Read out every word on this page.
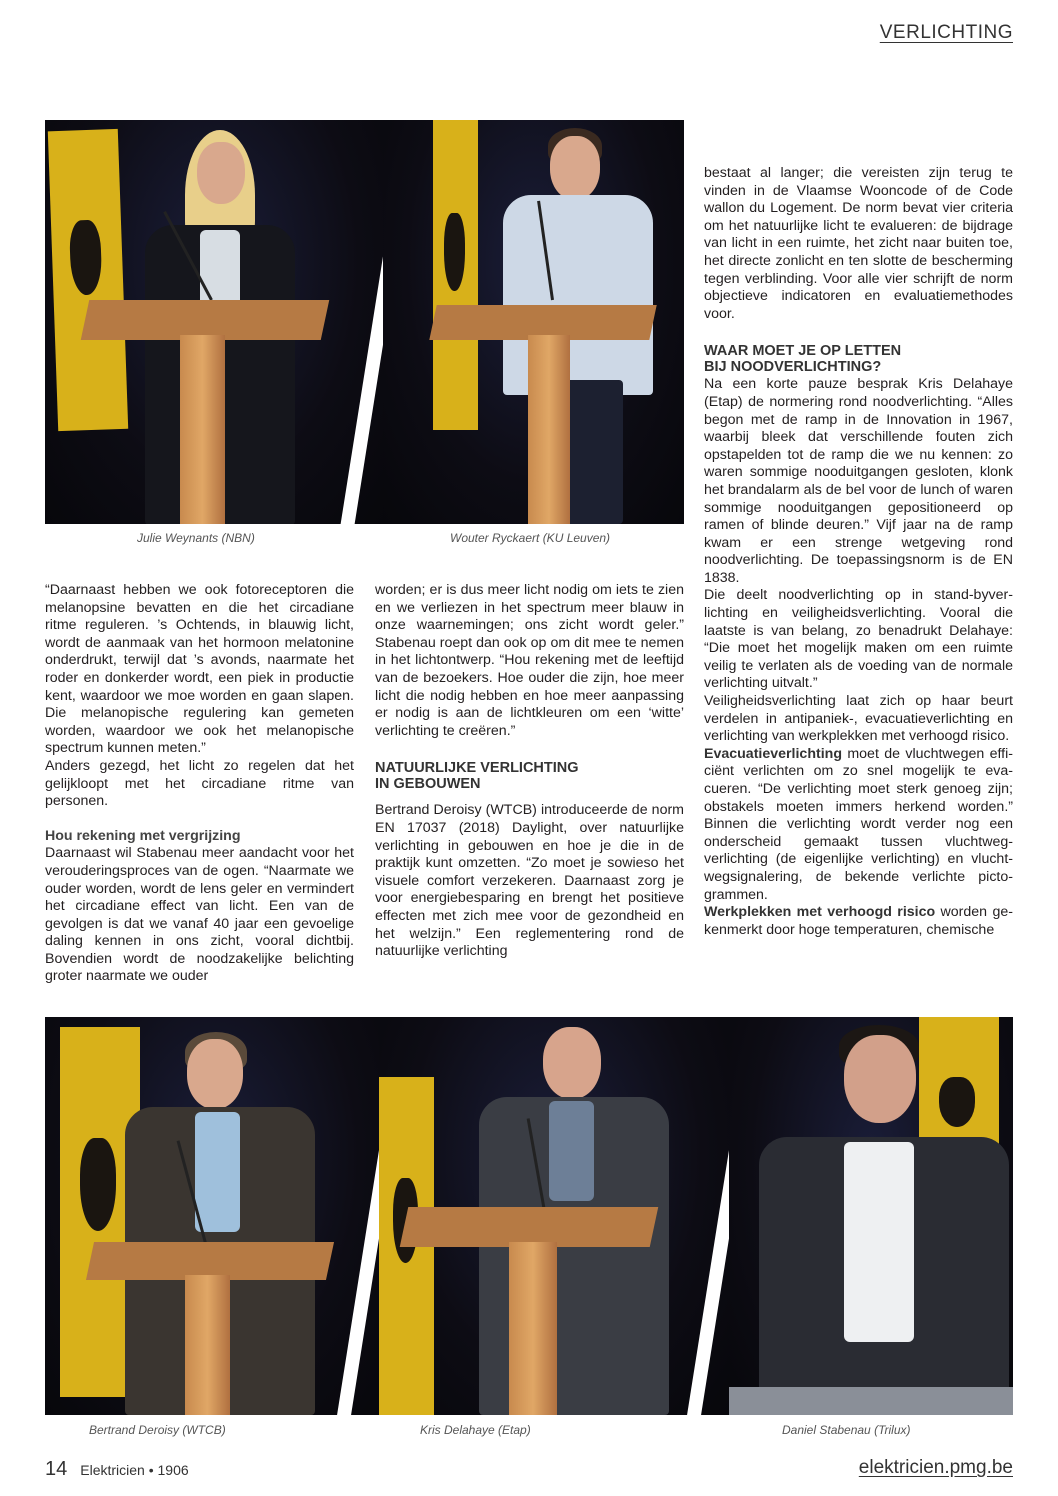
VERLICHTING
Julie Weynants (NBN)	Wouter Ryckaert (KU Leuven)

bestaat al langer; die vereisten zijn terug te vinden in de Vlaamse Wooncode of de Code wallon du Logement. De norm bevat vier criteria om het natuurlijke licht te evalueren: de bijdrage van licht in een ruimte, het zicht naar buiten toe, het directe zonlicht en ten slotte de bescherming tegen verblinding. Voor alle vier schrijft de norm objectieve indicatoren en evaluatiemethodes voor.

WAAR MOET JE OP LETTEN
BIJ NOODVERLICHTING?

Na een korte pauze besprak Kris Delahaye (Etap) de normering rond noodverlichting. “Alles begon met de ramp in de Innovation in 1967, waarbij bleek dat verschillende fouten zich opstapelden tot de ramp die we nu kennen: zo waren sommige nooduitgangen gesloten, klonk het brandalarm als de bel voor de lunch of waren sommige nooduitgangen gepositioneerd op ramen of blinde deuren.” Vijf jaar na de ramp kwam er een strenge wetgeving rond noodverlichting. De toepassingsnorm is de EN 1838.

Die deelt noodverlichting op in stand-byverlichting en veiligheidsverlichting. Vooral die laatste is van belang, zo benadrukt Delahaye: “Die moet het mogelijk maken om een ruimte veilig te verlaten als de voeding van de normale verlichting uitvalt.”

Veiligheidsverlichting laat zich op haar beurt verdelen in antipaniek-, evacuatieverlichting en verlichting van werkplekken met verhoogd risico.

Evacuatieverlichting moet de vluchtwegen efficiënt verlichten om zo snel mogelijk te evacueren. “De verlichting moet sterk genoeg zijn; obstakels moeten immers herkend worden.” Binnen die verlichting wordt verder nog een onderscheid gemaakt tussen vluchtwegverlichting (de eigenlijke verlichting) en vluchtwegsignalering, de bekende verlichte pictogrammen.

Werkplekken met verhoogd risico worden gekenmerkt door hoge temperaturen, chemische

“Daarnaast hebben we ook fotoreceptoren die melanopsine bevatten en die het circadiane ritme reguleren. ’s Ochtends, in blauwig licht, wordt de aanmaak van het hormoon melatonine onderdrukt, terwijl dat ’s avonds, naarmate het roder en donkerder wordt, een piek in productie kent, waardoor we moe worden en gaan slapen. Die melanopische regulering kan gemeten worden, waardoor we ook het melanopische spectrum kunnen meten.”

Anders gezegd, het licht zo regelen dat het gelijkloopt met het circadiane ritme van personen.

Hou rekening met vergrijzing

Daarnaast wil Stabenau meer aandacht voor het verouderingsproces van de ogen. “Naarmate we ouder worden, wordt de lens geler en vermindert het circadiane effect van licht. Een van de gevolgen is dat we vanaf 40 jaar een gevoelige daling kennen in ons zicht, vooral dichtbij. Bovendien wordt de noodzakelijke belichting groter naarmate we ouder

worden; er is dus meer licht nodig om iets te zien en we verliezen in het spectrum meer blauw in onze waarnemingen; ons zicht wordt geler.” Stabenau roept dan ook op om dit mee te nemen in het lichtontwerp. “Hou rekening met de leeftijd van de bezoekers. Hoe ouder die zijn, hoe meer licht die nodig hebben en hoe meer aanpassing er nodig is aan de lichtkleuren om een ‘witte’ verlichting te creëren.”

NATUURLIJKE VERLICHTING
IN GEBOUWEN

Bertrand Deroisy (WTCB) introduceerde de norm EN 17037 (2018) Daylight, over natuurlijke verlichting in gebouwen en hoe je die in de praktijk kunt omzetten. “Zo moet je sowieso het visuele comfort verzekeren. Daarnaast zorg je voor energiebesparing en brengt het positieve effecten met zich mee voor de gezondheid en het welzijn.” Een reglementering rond de natuurlijke verlichting

Bertrand Deroisy (WTCB)	Kris Delahaye (Etap)	Daniel Stabenau (Trilux)
14 Elektricien • 1906	elektricien.pmg.be
